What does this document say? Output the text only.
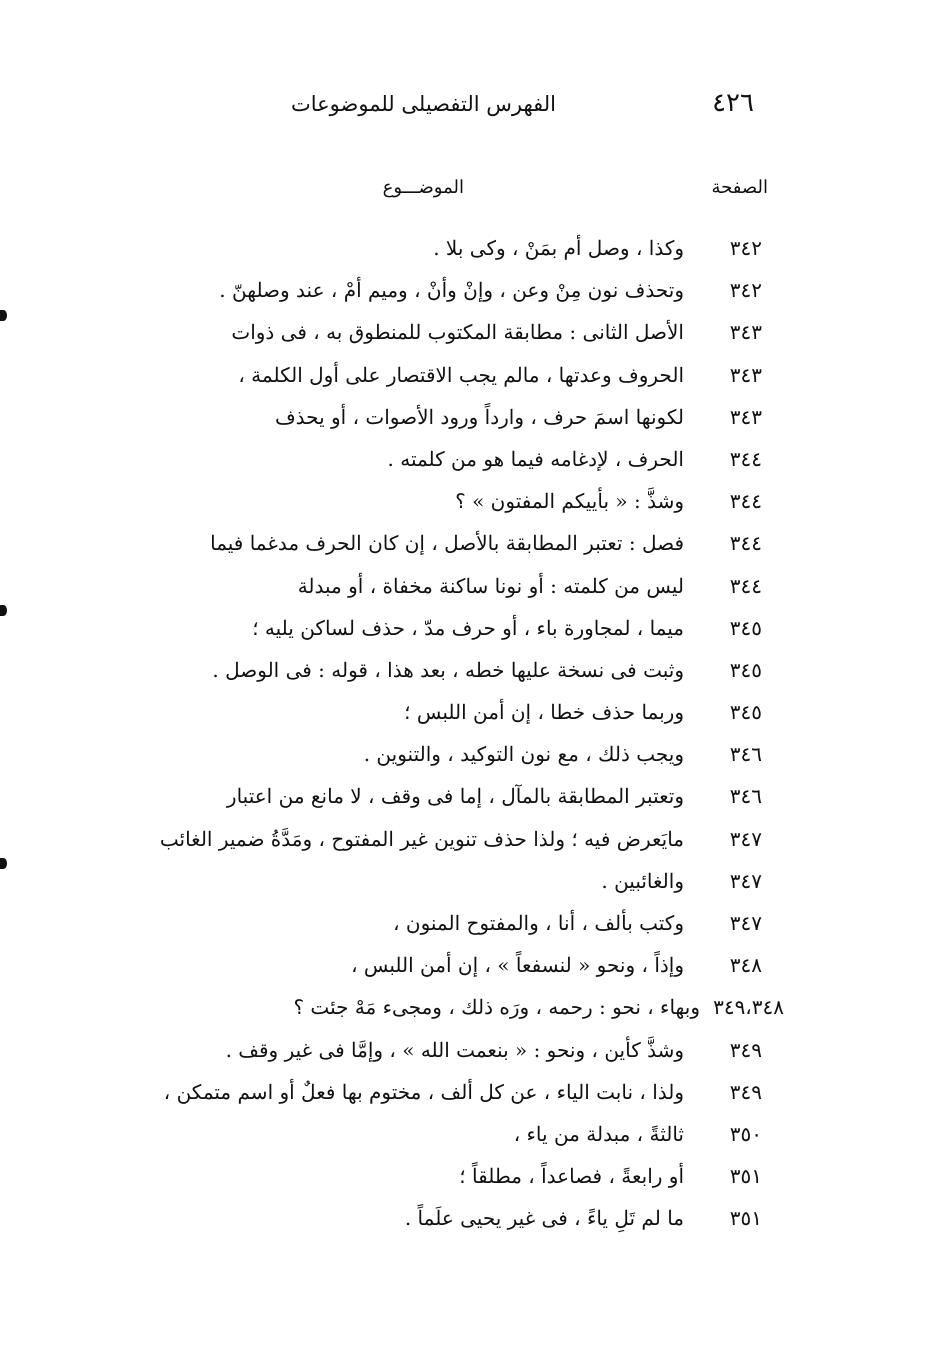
٤٢٦
الفهرس التفصيلى للموضوعات
الصفحة
الموضـــوع
٣٤٢
وكذا ، وصل أم بمَنْ ، وكى بلا .
٣٤٢
وتحذف نون مِنْ وعن ، وإنْ وأنْ ، وميم أمْ ، عند وصلهنّ .
٣٤٣
الأصل الثانى : مطابقة المكتوب للمنطوق به ، فى ذوات
٣٤٣
الحروف وعدتها ، مالم يجب الاقتصار على أول الكلمة ،
٣٤٣
لكونها اسمَ حرف ، وارداً ورود الأصوات ، أو يحذف
٣٤٤
الحرف ، لإدغامه فيما هو من كلمته .
٣٤٤
وشذَّ : « بأييكم المفتون » ؟
٣٤٤
فصل : تعتبر المطابقة بالأصل ، إن كان الحرف مدغما فيما
٣٤٤
ليس من كلمته : أو نونا ساكنة مخفاة ، أو مبدلة
٣٤٥
ميما ، لمجاورة باء ، أو حرف مدّ ، حذف لساكن يليه ؛
٣٤٥
وثبت فى نسخة عليها خطه ، بعد هذا ، قوله : فى الوصل .
٣٤٥
وربما حذف خطا ، إن أمن اللبس ؛
٣٤٦
ويجب ذلك ، مع نون التوكيد ، والتنوين .
٣٤٦
وتعتبر المطابقة بالمآل ، إما فى وقف ، لا مانع من اعتبار
٣٤٧
مايَعرض فيه ؛ ولذا حذف تنوين غير المفتوح ، ومَدَّةُ ضمير الغائب
٣٤٧
والغائبين .
٣٤٧
وكتب بألف ، أنا ، والمفتوح المنون ،
٣٤٨
وإذاً ، ونحو « لنسفعاً » ، إن أمن اللبس ،
٣٤٩،٣٤٨
وبهاء ، نحو : رحمه ، ورَه ذلك ، ومجىء مَهْ جئت ؟
٣٤٩
وشذَّ كأين ، ونحو : « بنعمت الله » ، وإمَّا فى غير وقف .
٣٤٩
ولذا ، نابت الياء ، عن كل ألف ، مختوم بها فعلٌ أو اسم متمكن ،
٣٥٠
ثالثةً ، مبدلة من ياء ،
٣٥١
أو رابعةً ، فصاعداً ، مطلقاً ؛
٣٥١
ما لم تَلِ ياءً ، فى غير يحيى علَماً .
